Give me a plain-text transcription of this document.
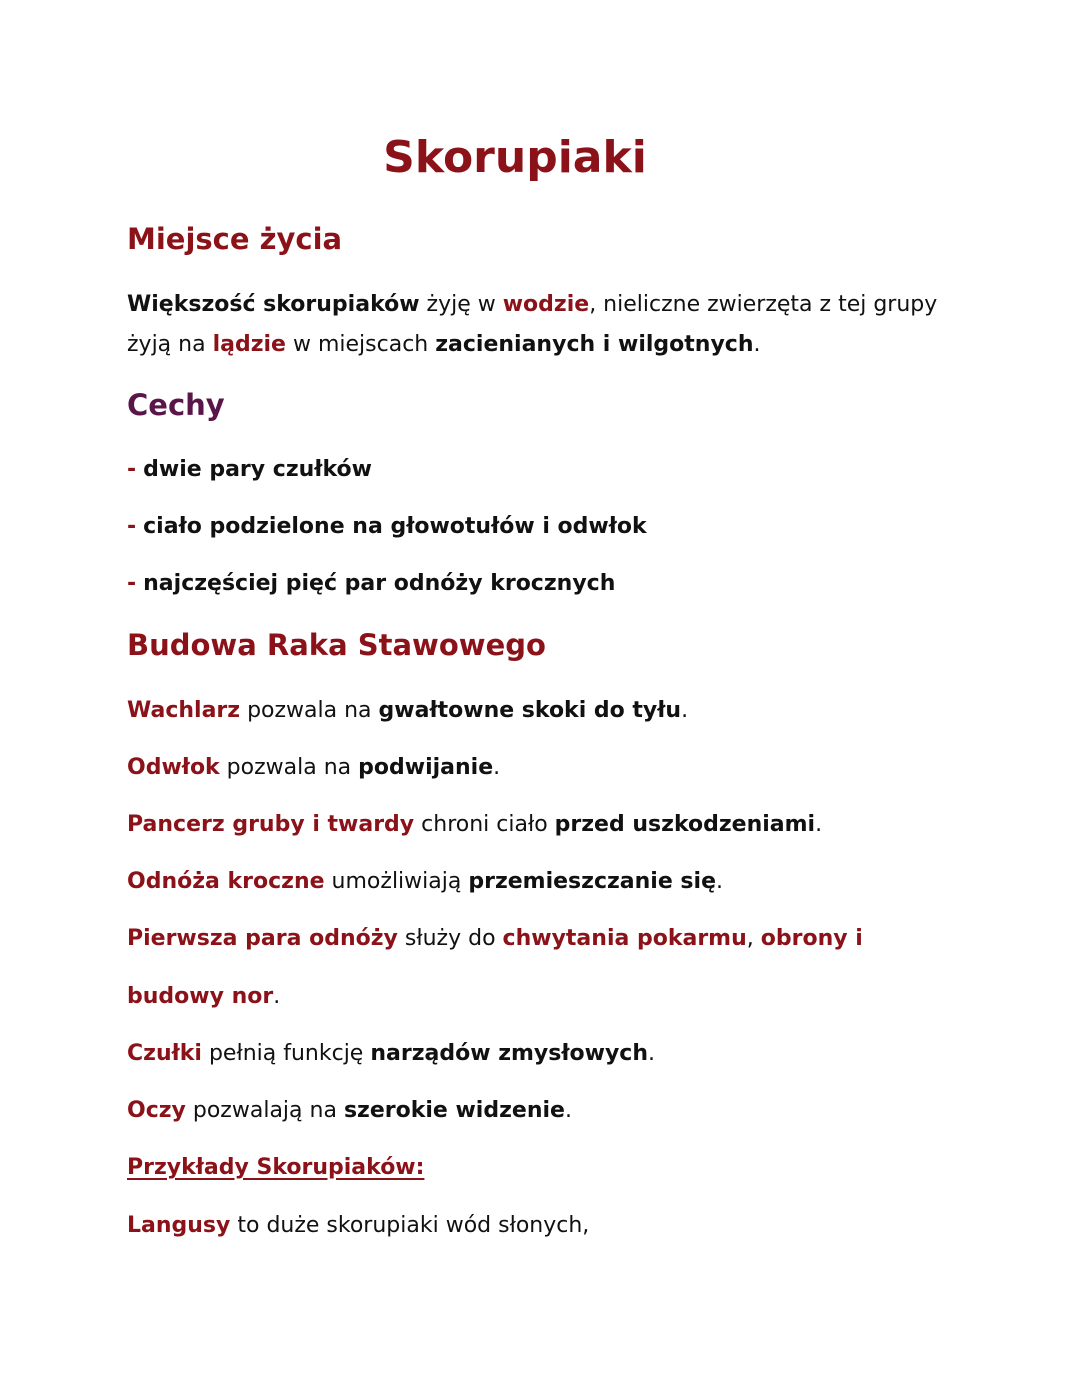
Skorupiaki
Miejsce życia

Większość skorupiaków żyję w wodzie, nieliczne zwierzęta z tej grupy

żyją na lądzie w miejscach zacienianych i wilgotnych.

Cechy

- dwie pary czułków

- ciało podzielone na głowotułów i odwłok

- najczęściej pięć par odnóży krocznych

Budowa Raka Stawowego

Wachlarz pozwala na gwałtowne skoki do tyłu.

Odwłok pozwala na podwijanie.

Pancerz gruby i twardy chroni ciało przed uszkodzeniami.

Odnóża kroczne umożliwiają przemieszczanie się.

Pierwsza para odnóży służy do chwytania pokarmu, obrony i

budowy nor.

Czułki pełnią funkcję narządów zmysłowych.

Oczy pozwalają na szerokie widzenie.

Przykłady Skorupiaków:

Langusy to duże skorupiaki wód słonych,
